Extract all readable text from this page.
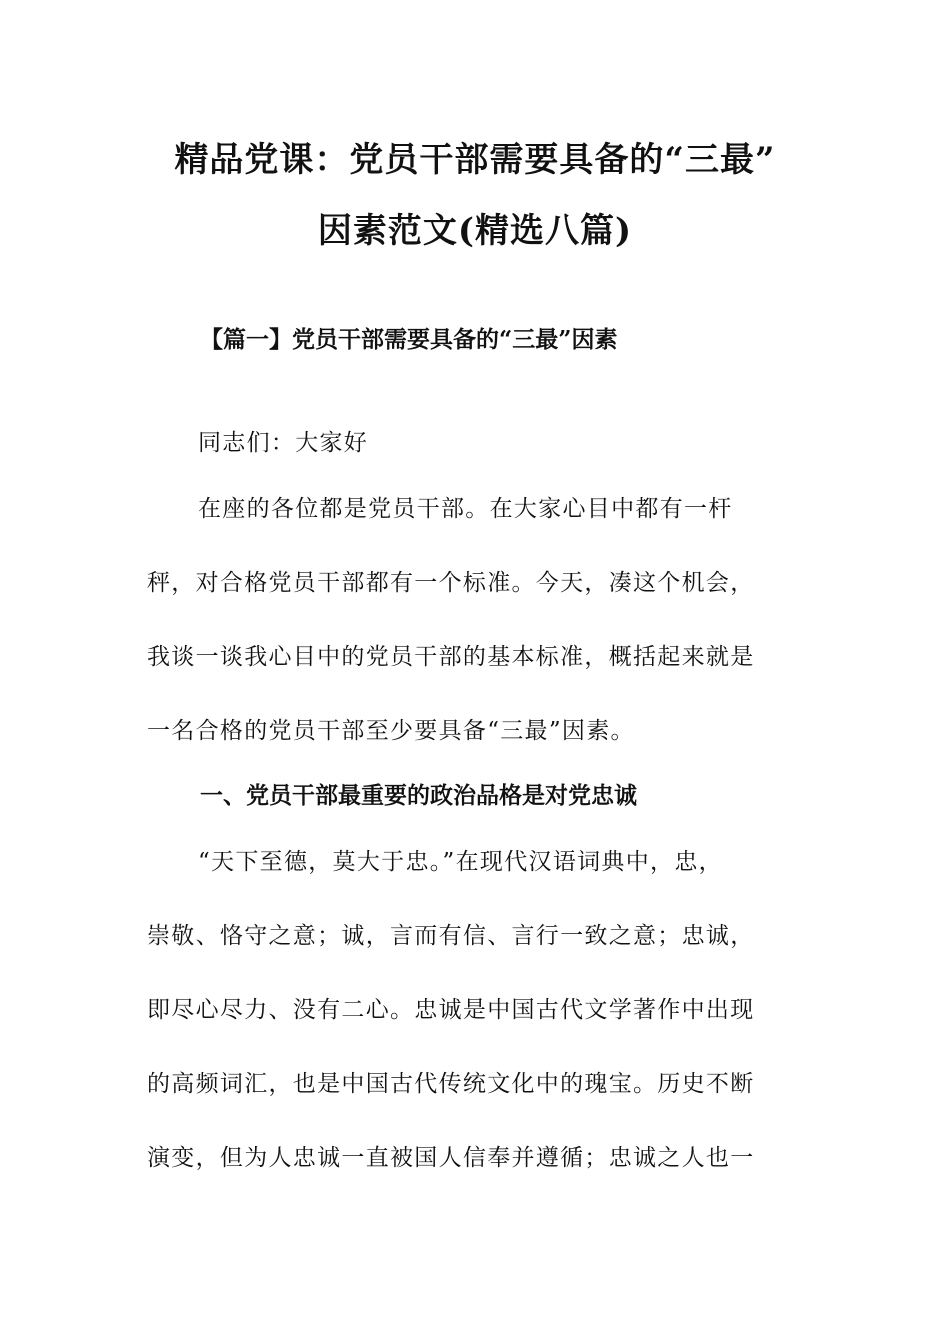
精品党课：党员干部需要具备的“三最”
因素范文(精选八篇)
【篇一】党员干部需要具备的“三最”因素
同志们：大家好
在座的各位都是党员干部。在大家心目中都有一杆
秤，对合格党员干部都有一个标准。今天，凑这个机会，
我谈一谈我心目中的党员干部的基本标准，概括起来就是
一名合格的党员干部至少要具备“三最”因素。
一、党员干部最重要的政治品格是对党忠诚
“天下至德，莫大于忠。”在现代汉语词典中，忠，
崇敬、恪守之意；诚，言而有信、言行一致之意；忠诚，
即尽心尽力、没有二心。忠诚是中国古代文学著作中出现
的高频词汇，也是中国古代传统文化中的瑰宝。历史不断
演变，但为人忠诚一直被国人信奉并遵循；忠诚之人也一
